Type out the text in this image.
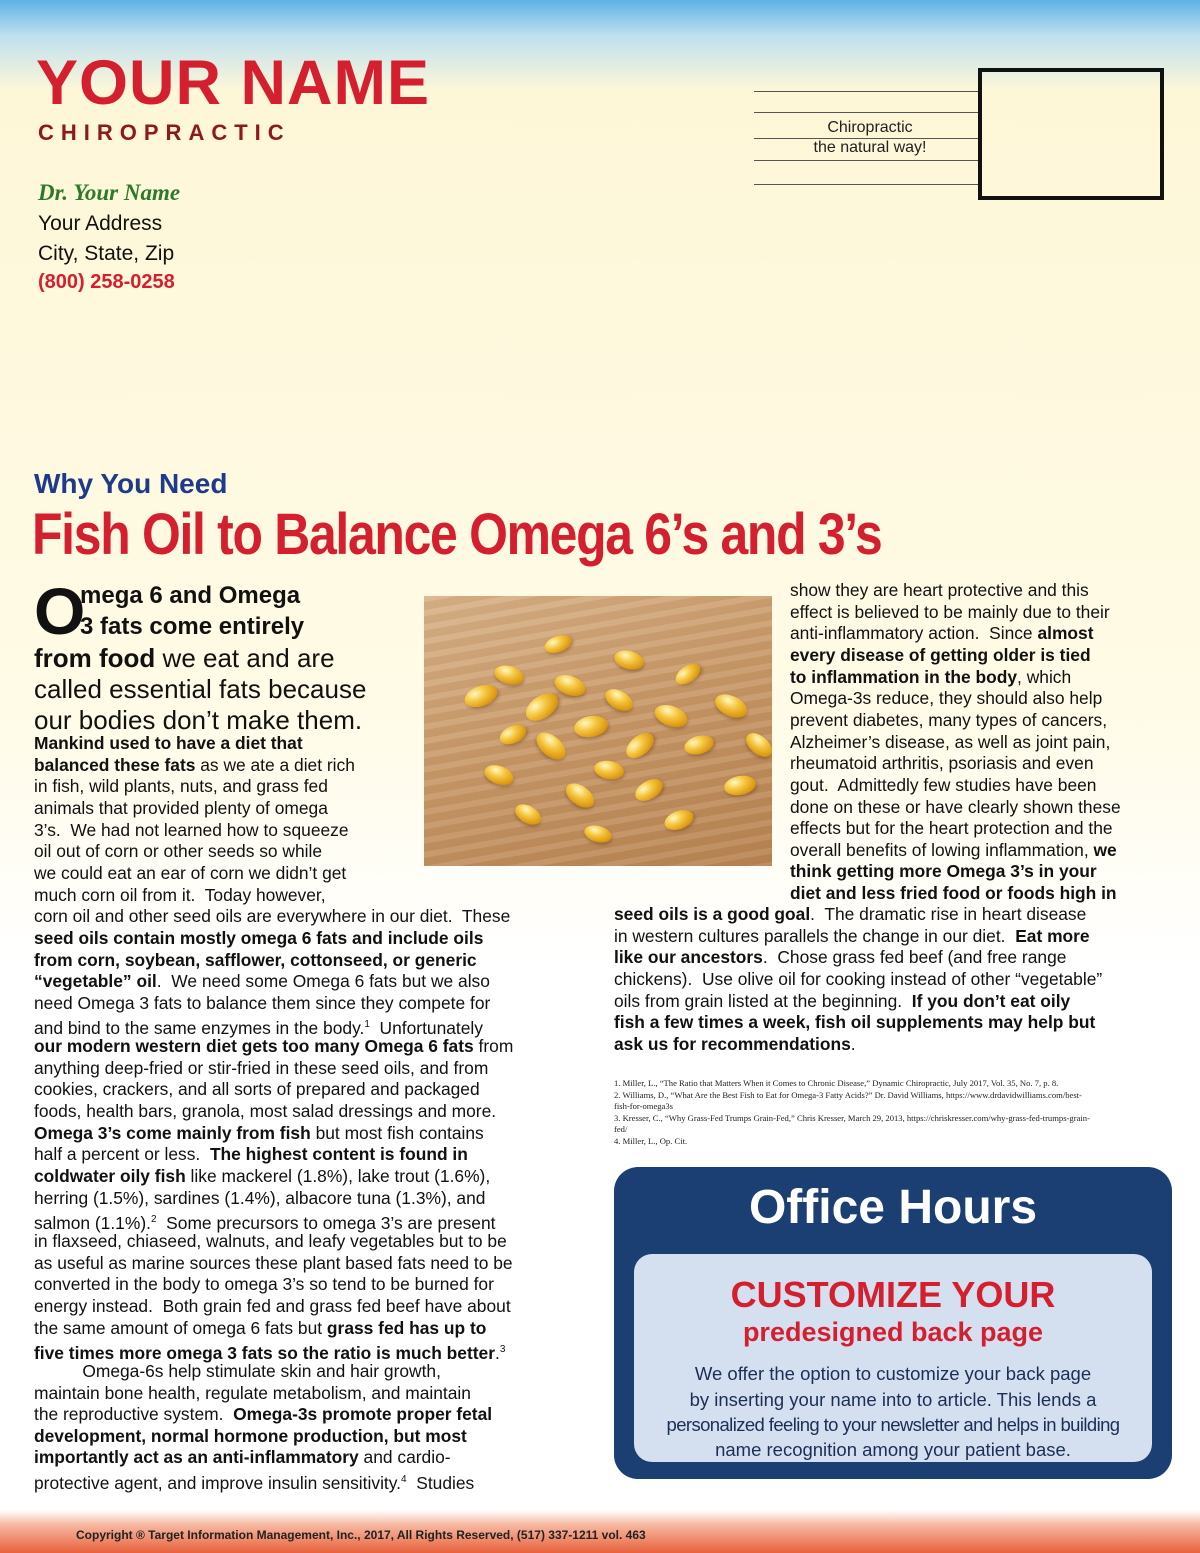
YOUR NAME
CHIROPRACTIC
Dr. Your Name
Your Address
City, State, Zip
(800) 258-0258
Chiropractic
the natural way!
Why You Need
Fish Oil to Balance Omega 6’s and 3’s
O
mega 6 and Omega
3 fats come entirely
from food we eat and are
called essential fats because
our bodies don’t make them.
Mankind used to have a diet that
balanced these fats as we ate a diet rich
in fish, wild plants, nuts, and grass fed
animals that provided plenty of omega
3’s.  We had not learned how to squeeze
oil out of corn or other seeds so while
we could eat an ear of corn we didn’t get
much corn oil from it.  Today however,
corn oil and other seed oils are everywhere in our diet.  These
seed oils contain mostly omega 6 fats and include oils
from corn, soybean, safflower, cottonseed, or generic
“vegetable” oil.  We need some Omega 6 fats but we also
need Omega 3 fats to balance them since they compete for
and bind to the same enzymes in the body.$^1$  Unfortunately
our modern western diet gets too many Omega 6 fats from
anything deep-fried or stir-fried in these seed oils, and from
cookies, crackers, and all sorts of prepared and packaged
foods, health bars, granola, most salad dressings and more.
Omega 3’s come mainly from fish but most fish contains
half a percent or less.  The highest content is found in
coldwater oily fish like mackerel (1.8%), lake trout (1.6%),
herring (1.5%), sardines (1.4%), albacore tuna (1.3%), and
salmon (1.1%).$^2$  Some precursors to omega 3’s are present
in flaxseed, chiaseed, walnuts, and leafy vegetables but to be
as useful as marine sources these plant based fats need to be
converted in the body to omega 3’s so tend to be burned for
energy instead.  Both grain fed and grass fed beef have about
the same amount of omega 6 fats but grass fed has up to
five times more omega 3 fats so the ratio is much better.$^3$
Omega-6s help stimulate skin and hair growth,
maintain bone health, regulate metabolism, and maintain
the reproductive system.  Omega-3s promote proper fetal
development, normal hormone production, but most
importantly act as an anti-inflammatory and cardio-
protective agent, and improve insulin sensitivity.$^4$  Studies
show they are heart protective and this
effect is believed to be mainly due to their
anti-inflammatory action.  Since almost
every disease of getting older is tied
to inflammation in the body, which
Omega-3s reduce, they should also help
prevent diabetes, many types of cancers,
Alzheimer’s disease, as well as joint pain,
rheumatoid arthritis, psoriasis and even
gout.  Admittedly few studies have been
done on these or have clearly shown these
effects but for the heart protection and the
overall benefits of lowing inflammation, we
think getting more Omega 3’s in your
diet and less fried food or foods high in
seed oils is a good goal.  The dramatic rise in heart disease
in western cultures parallels the change in our diet.  Eat more
like our ancestors.  Chose grass fed beef (and free range
chickens).  Use olive oil for cooking instead of other “vegetable”
oils from grain listed at the beginning.  If you don’t eat oily
fish a few times a week, fish oil supplements may help but
ask us for recommendations.
1. Miller, L., “The Ratio that Matters When it Comes to Chronic Disease,” Dynamic Chiropractic, July 2017, Vol. 35, No. 7, p. 8.
2. Williams, D., “What Are the Best Fish to Eat for Omega-3 Fatty Acids?” Dr. David Williams, https://www.drdavidwilliams.com/best-
fish-for-omega3s
3. Kresser, C., “Why Grass-Fed Trumps Grain-Fed,” Chris Kresser, March 29, 2013, https://chriskresser.com/why-grass-fed-trumps-grain-
fed/
4. Miller, L., Op. Cit.
Office Hours
CUSTOMIZE YOUR
predesigned back page
We offer the option to customize your back page
by inserting your name into to article. This lends a
personalized feeling to your newsletter and helps in building
name recognition among your patient base.
Copyright ® Target Information Management, Inc., 2017, All Rights Reserved, (517) 337-1211 vol. 463
